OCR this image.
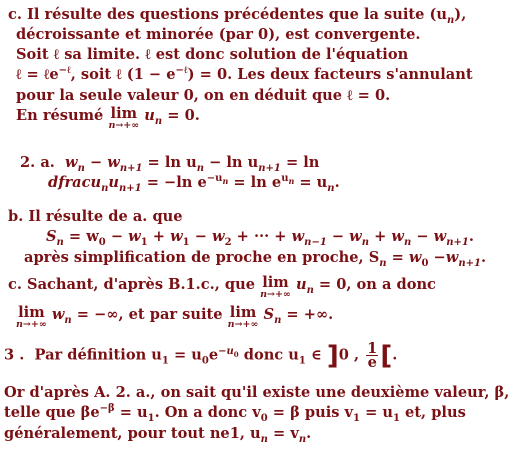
c. Il résulte des questions précédentes que la suite $(u_n)$,
décroissante et minorée (par 0), est convergente.
Soit ℓ sa limite. ℓ est donc solution de l'équation
ℓ = ℓe$^{-\ell}$, soit ℓ $(1 - e^{-\ell}) = 0$. Les deux facteurs s'annulant
pour la seule valeur 0, on en déduit que ℓ = 0.
En résumé lim
n→+∞
$u_n = 0$.
2. a. $w_n - w_{n+1} = \ln u_n - \ln u_{n+1} = \ln$
$dfracu_nu_{n+1} = -\ln$ $e^{-u_n} = \ln e^{u_n} = u_n$.
b. Il résulte de a. que
$S_n = w_0 - w_1 + w_1 - w_2$ + ··· + $w_{n-1} - w_n + w_n - w_{n+1}$.
après simplification de proche en proche, $S_n = w_0 -w_{n+1}$.
c. Sachant, d'après B.1.c., que lim
n→+∞
$u_n = 0$, on a donc
lim
n→+∞
$w_n$ = −∞, et par suite lim
n→+∞
$S_n$ = +∞.
3 . Par définition $u_1 = u_0e^{-u_0}$ donc $u_1$ ∈ ]0 , $\frac{1}{e}$ [.
Or d'après A. 2. a., on sait qu'il existe une deuxième valeur, β,
telle que $\beta e^{-\beta} = u_1$. On a donc $v_0 = \beta$ puis $v_1 = u_1$ et, plus
généralement, pour tout ne1, $u_n = v_n$.
